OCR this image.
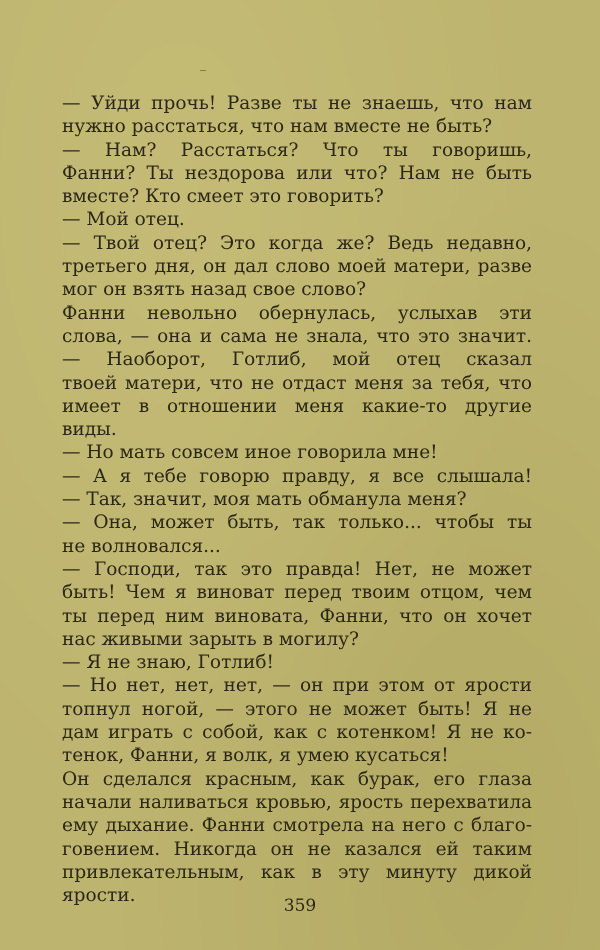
— Уйди прочь! Разве ты не знаешь, что нам
нужно расстаться, что нам вместе не быть?
— Нам? Расстаться? Что ты говоришь,
Фанни? Ты нездорова или что? Нам не быть
вместе? Кто смеет это говорить?
— Мой отец.
— Твой отец? Это когда же? Ведь недавно,
третьего дня, он дал слово моей матери, разве
мог он взять назад свое слово?
Фанни невольно обернулась, услыхав эти
слова, — она и сама не знала, что это значит.
— Наоборот, Готлиб, мой отец сказал
твоей матери, что не отдаст меня за тебя, что
имеет в отношении меня какие-то другие
виды.
— Но мать совсем иное говорила мне!
— А я тебе говорю правду, я все слышала!
— Так, значит, моя мать обманула меня?
— Она, может быть, так только... чтобы ты
не волновался...
— Господи, так это правда! Нет, не может
быть! Чем я виноват перед твоим отцом, чем
ты перед ним виновата, Фанни, что он хочет
нас живыми зарыть в могилу?
— Я не знаю, Готлиб!
— Но нет, нет, нет, — он при этом от ярости
топнул ногой, — этого не может быть! Я не
дам играть с собой, как с котенком! Я не ко-
тенок, Фанни, я волк, я умею кусаться!
Он сделался красным, как бурак, его глаза
начали наливаться кровью, ярость перехватила
ему дыхание. Фанни смотрела на него с благо-
говением. Никогда он не казался ей таким
привлекательным, как в эту минуту дикой
ярости.	359
